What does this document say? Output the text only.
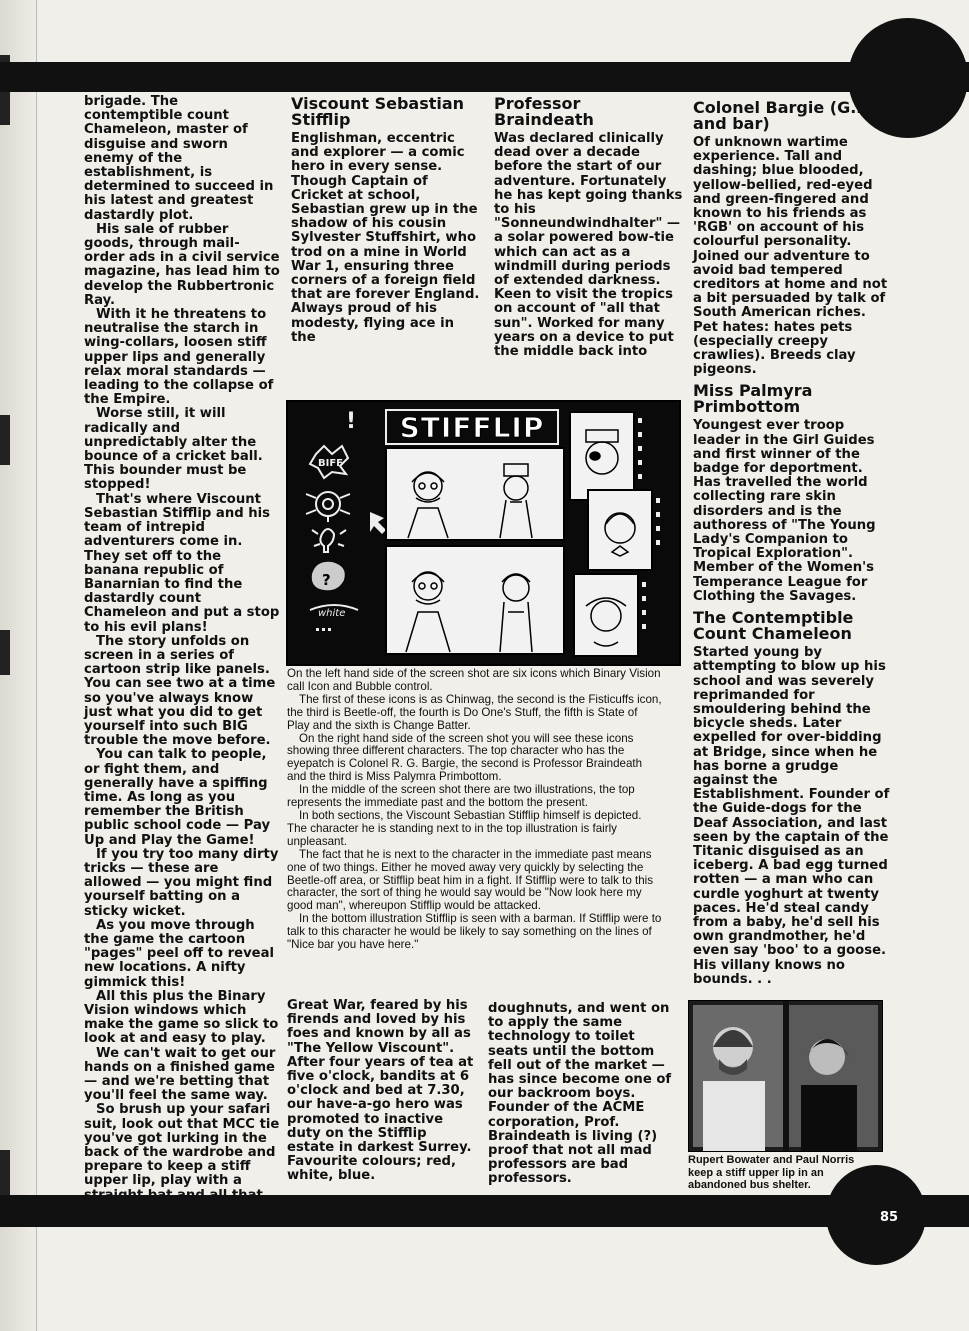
85

brigade. The contemptible count Chameleon, master of disguise and sworn enemy of the establishment, is determined to succeed in his latest and greatest dastardly plot.

His sale of rubber goods, through mail-order ads in a civil service magazine, has lead him to develop the Rubbertronic Ray.

With it he threatens to neutralise the starch in wing-collars, loosen stiff upper lips and generally relax moral standards — leading to the collapse of the Empire.

Worse still, it will radically and unpredictably alter the bounce of a cricket ball. This bounder must be stopped!

That's where Viscount Sebastian Stifflip and his team of intrepid adventurers come in. They set off to the banana republic of Banarnian to find the dastardly count Chameleon and put a stop to his evil plans!

The story unfolds on screen in a series of cartoon strip like panels. You can see two at a time so you've always know just what you did to get yourself into such BIG trouble the move before.

You can talk to people, or fight them, and generally have a spiffing time. As long as you remember the British public school code — Pay Up and Play the Game!

If you try too many dirty tricks — these are allowed — you might find yourself batting on a sticky wicket.

As you move through the game the cartoon "pages" peel off to reveal new locations. A nifty gimmick this!

All this plus the Binary Vision windows which make the game so slick to look at and easy to play.

We can't wait to get our hands on a finished game — and we're betting that you'll feel the same way.

So brush up your safari suit, look out that MCC tie you've got lurking in the back of the wardrobe and prepare to keep a stiff upper lip, play with a straight bat and all that True Brit stuff.

Viscount Sebastian Stifflip

Englishman, eccentric and explorer — a comic hero in every sense. Though Captain of Cricket at school, Sebastian grew up in the shadow of his cousin Sylvester Stuffshirt, who trod on a mine in World War 1, ensuring three corners of a foreign field that are forever England. Always proud of his modesty, flying ace in the

Professor Braindeath

Was declared clinically dead over a decade before the start of our adventure. Fortunately he has kept going thanks to his "Sonneundwindhalter" — a solar powered bow-tie which can act as a windmill during periods of extended darkness. Keen to visit the tropics on account of "all that sun". Worked for many years on a device to put the middle back into

Colonel Bargie (G.N.T. and bar)

Of unknown wartime experience. Tall and dashing; blue blooded, yellow-bellied, red-eyed and green-fingered and known to his friends as 'RGB' on account of his colourful personality. Joined our adventure to avoid bad tempered creditors at home and not a bit persuaded by talk of South American riches. Pet hates: hates pets (especially creepy crawlies). Breeds clay pigeons.

Miss Palmyra Primbottom

Youngest ever troop leader in the Girl Guides and first winner of the badge for deportment. Has travelled the world collecting rare skin disorders and is the authoress of "The Young Lady's Companion to Tropical Exploration". Member of the Women's Temperance League for Clothing the Savages.

The Contemptible Count Chameleon

Started young by attempting to blow up his school and was severely reprimanded for smouldering behind the bicycle sheds. Later expelled for over-bidding at Bridge, since when he has borne a grudge against the Establishment. Founder of the Guide-dogs for the Deaf Association, and last seen by the captain of the Titanic disguised as an iceberg. A bad egg turned rotten — a man who can curdle yoghurt at twenty paces. He'd steal candy from a baby, he'd sell his own grandmother, he'd even say 'boo' to a goose. His villany knows no bounds. . .

!
BIFF
?
white
STIFFLIP

On the left hand side of the screen shot are six icons which Binary Vision call Icon and Bubble control.

The first of these icons is as Chinwag, the second is the Fisticuffs icon, the third is Beetle-off, the fourth is Do One's Stuff, the fifth is State of Play and the sixth is Change Batter.

On the right hand side of the screen shot you will see these icons showing three different characters. The top character who has the eyepatch is Colonel R. G. Bargie, the second is Professor Braindeath and the third is Miss Palymra Primbottom.

In the middle of the screen shot there are two illustrations, the top represents the immediate past and the bottom the present.

In both sections, the Viscount Sebastian Stifflip himself is depicted. The character he is standing next to in the top illustration is fairly unpleasant.

The fact that he is next to the character in the immediate past means one of two things. Either he moved away very quickly by selecting the Beetle-off area, or Stifflip beat him in a fight. If Stifflip were to talk to this character, the sort of thing he would say would be "Now look here my good man", whereupon Stifflip would be attacked.

In the bottom illustration Stifflip is seen with a barman. If Stifflip were to talk to this character he would be likely to say something on the lines of "Nice bar you have here."

Great War, feared by his firends and loved by his foes and known by all as "The Yellow Viscount". After four years of tea at five o'clock, bandits at 6 o'clock and bed at 7.30, our have-a-go hero was promoted to inactive duty on the Stifflip estate in darkest Surrey. Favourite colours; red, white, blue.

doughnuts, and went on to apply the same technology to toilet seats until the bottom fell out of the market — has since become one of our backroom boys. Founder of the ACME corporation, Prof. Braindeath is living (?) proof that not all mad professors are bad professors.

Rupert Bowater and Paul Norris keep a stiff upper lip in an abandoned bus shelter.
